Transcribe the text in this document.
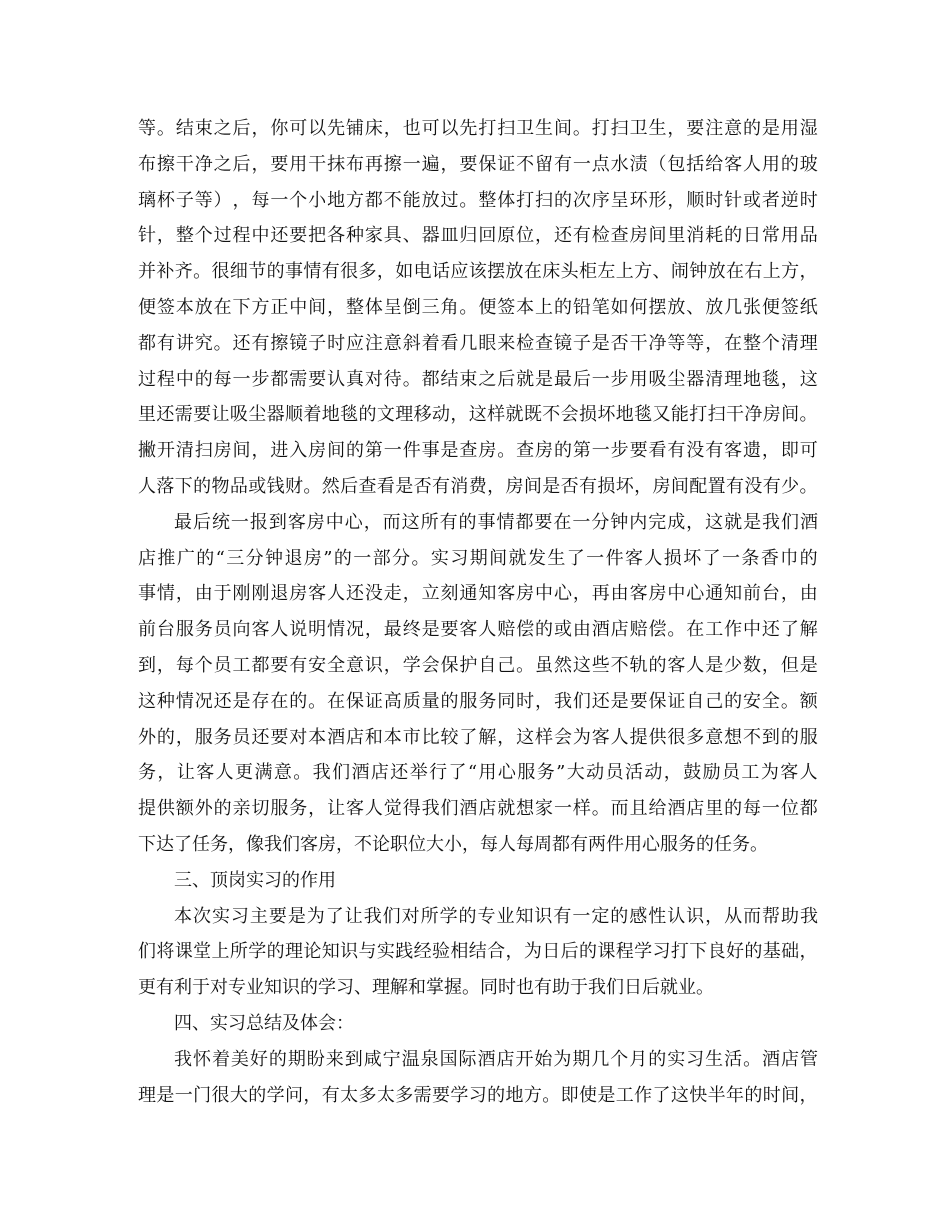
等 。 结 束 之 后 ， 你 可 以 先 铺 床 ， 也 可 以 先 打 扫 卫 生 间 。 打 扫 卫 生 ， 要 注 意 的 是 用 湿
布 擦 干 净 之 后 ， 要 用 干 抹 布 再 擦 一 遍 ， 要 保 证 不 留 有 一 点 水 渍 （ 包 括 给 客 人 用 的 玻
璃 杯 子 等 ） ， 每 一 个 小 地 方 都 不 能 放 过 。 整 体 打 扫 的 次 序 呈 环 形 ， 顺 时 针 或 者 逆 时
针 ， 整 个 过 程 中 还 要 把 各 种 家 具 、 器 皿 归 回 原 位 ， 还 有 检 查 房 间 里 消 耗 的 日 常 用 品
并 补 齐 。 很 细 节 的 事 情 有 很 多 ， 如 电 话 应 该 摆 放 在 床 头 柜 左 上 方 、 闹 钟 放 在 右 上 方 ，
便 签 本 放 在 下 方 正 中 间 ， 整 体 呈 倒 三 角 。 便 签 本 上 的 铅 笔 如 何 摆 放 、 放 几 张 便 签 纸
都 有 讲 究 。 还 有 擦 镜 子 时 应 注 意 斜 着 看 几 眼 来 检 查 镜 子 是 否 干 净 等 等 ， 在 整 个 清 理
过 程 中 的 每 一 步 都 需 要 认 真 对 待 。 都 结 束 之 后 就 是 最 后 一 步 用 吸 尘 器 清 理 地 毯 ， 这
里 还 需 要 让 吸 尘 器 顺 着 地 毯 的 文 理 移 动 ， 这 样 就 既 不 会 损 坏 地 毯 又 能 打 扫 干 净 房 间 。
撇 开 清 扫 房 间 ， 进 入 房 间 的 第 一 件 事 是 查 房 。 查 房 的 第 一 步 要 看 有 没 有 客 遗 ， 即 可
人 落 下 的 物 品 或 钱 财 。 然 后 查 看 是 否 有 消 费 ， 房 间 是 否 有 损 坏 ， 房 间 配 置 有 没 有 少 。
最 后 统 一 报 到 客 房 中 心 ， 而 这 所 有 的 事 情 都 要 在 一 分 钟 内 完 成 ， 这 就 是 我 们 酒
店 推 广 的 “ 三 分 钟 退 房 ” 的 一 部 分 。 实 习 期 间 就 发 生 了 一 件 客 人 损 坏 了 一 条 香 巾 的
事 情 ， 由 于 刚 刚 退 房 客 人 还 没 走 ， 立 刻 通 知 客 房 中 心 ， 再 由 客 房 中 心 通 知 前 台 ， 由
前 台 服 务 员 向 客 人 说 明 情 况 ， 最 终 是 要 客 人 赔 偿 的 或 由 酒 店 赔 偿 。 在 工 作 中 还 了 解
到 ， 每 个 员 工 都 要 有 安 全 意 识 ， 学 会 保 护 自 己 。 虽 然 这 些 不 轨 的 客 人 是 少 数 ， 但 是
这 种 情 况 还 是 存 在 的 。 在 保 证 高 质 量 的 服 务 同 时 ， 我 们 还 是 要 保 证 自 己 的 安 全 。 额
外 的 ， 服 务 员 还 要 对 本 酒 店 和 本 市 比 较 了 解 ， 这 样 会 为 客 人 提 供 很 多 意 想 不 到 的 服
务 ， 让 客 人 更 满 意 。 我 们 酒 店 还 举 行 了 “ 用 心 服 务 ” 大 动 员 活 动 ， 鼓 励 员 工 为 客 人
提 供 额 外 的 亲 切 服 务 ， 让 客 人 觉 得 我 们 酒 店 就 想 家 一 样 。 而 且 给 酒 店 里 的 每 一 位 都
下达了任务，像我们客房，不论职位大小，每人每周都有两件用心服务的任务。
三、顶岗实习的作用
本 次 实 习 主 要 是 为 了 让 我 们 对 所 学 的 专 业 知 识 有 一 定 的 感 性 认 识 ， 从 而 帮 助 我
们 将 课 堂 上 所 学 的 理 论 知 识 与 实 践 经 验 相 结 合 ， 为 日 后 的 课 程 学 习 打 下 良 好 的 基 础 ，
更有利于对专业知识的学习、理解和掌握。同时也有助于我们日后就业。
四、实习总结及体会：
我 怀 着 美 好 的 期 盼 来 到 咸 宁 温 泉 国 际 酒 店 开 始 为 期 几 个 月 的 实 习 生 活 。 酒 店 管
理 是 一 门 很 大 的 学 问 ， 有 太 多 太 多 需 要 学 习 的 地 方 。 即 使 是 工 作 了 这 快 半 年 的 时 间 ，
